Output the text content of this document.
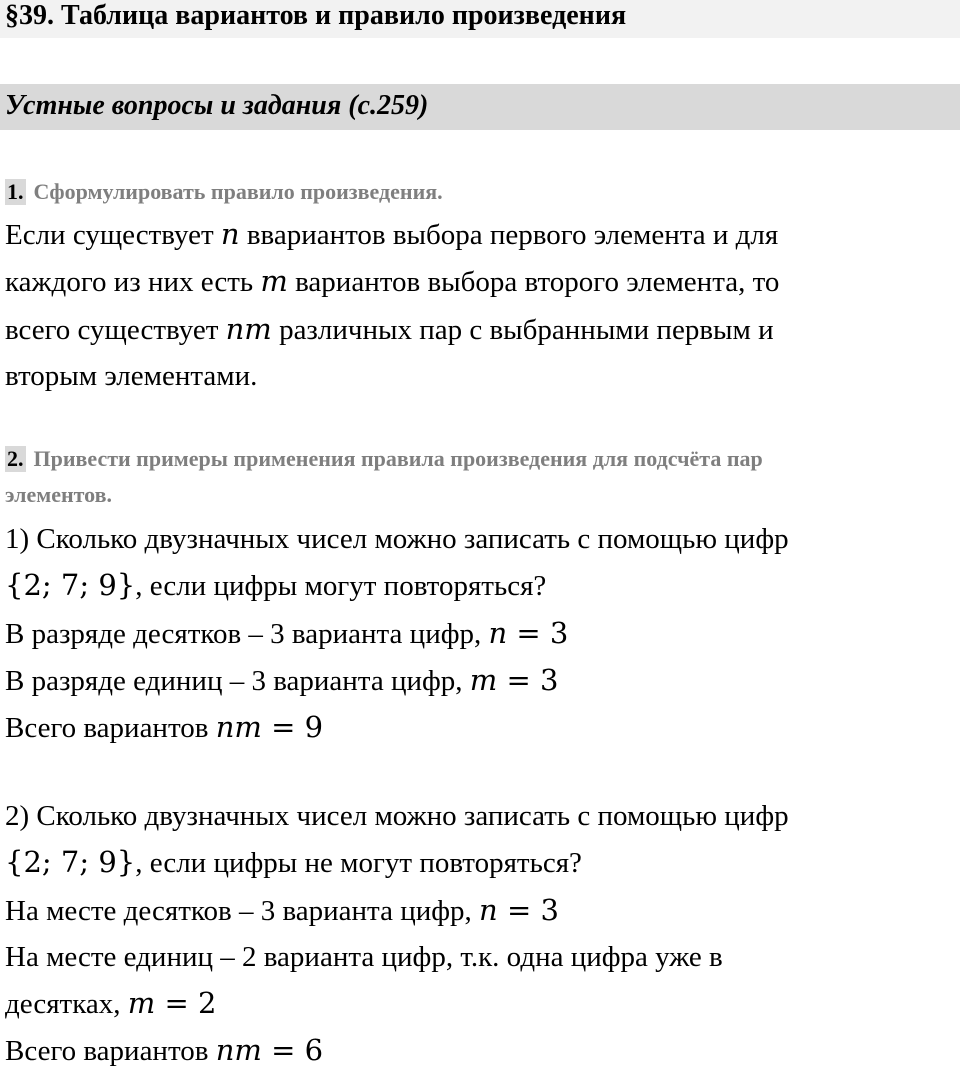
§39. Таблица вариантов и правило произведения
Устные вопросы и задания (с.259)
1. Сформулировать правило произведения.
Если существует n ввариантов выбора первого элемента и для
каждого из них есть m вариантов выбора второго элемента, то
всего существует nm различных пар с выбранными первым и
вторым элементами.
2. Привести примеры применения правила произведения для подсчёта пар
элементов.
1) Сколько двузначных чисел можно записать с помощью цифр
{2; 7; 9}, если цифры могут повторяться?
В разряде десятков – 3 варианта цифр, n = 3
В разряде единиц – 3 варианта цифр, m = 3
Всего вариантов nm = 9
2) Сколько двузначных чисел можно записать с помощью цифр
{2; 7; 9}, если цифры не могут повторяться?
На месте десятков – 3 варианта цифр, n = 3
На месте единиц – 2 варианта цифр, т.к. одна цифра уже в
десятках, m = 2
Всего вариантов nm = 6
